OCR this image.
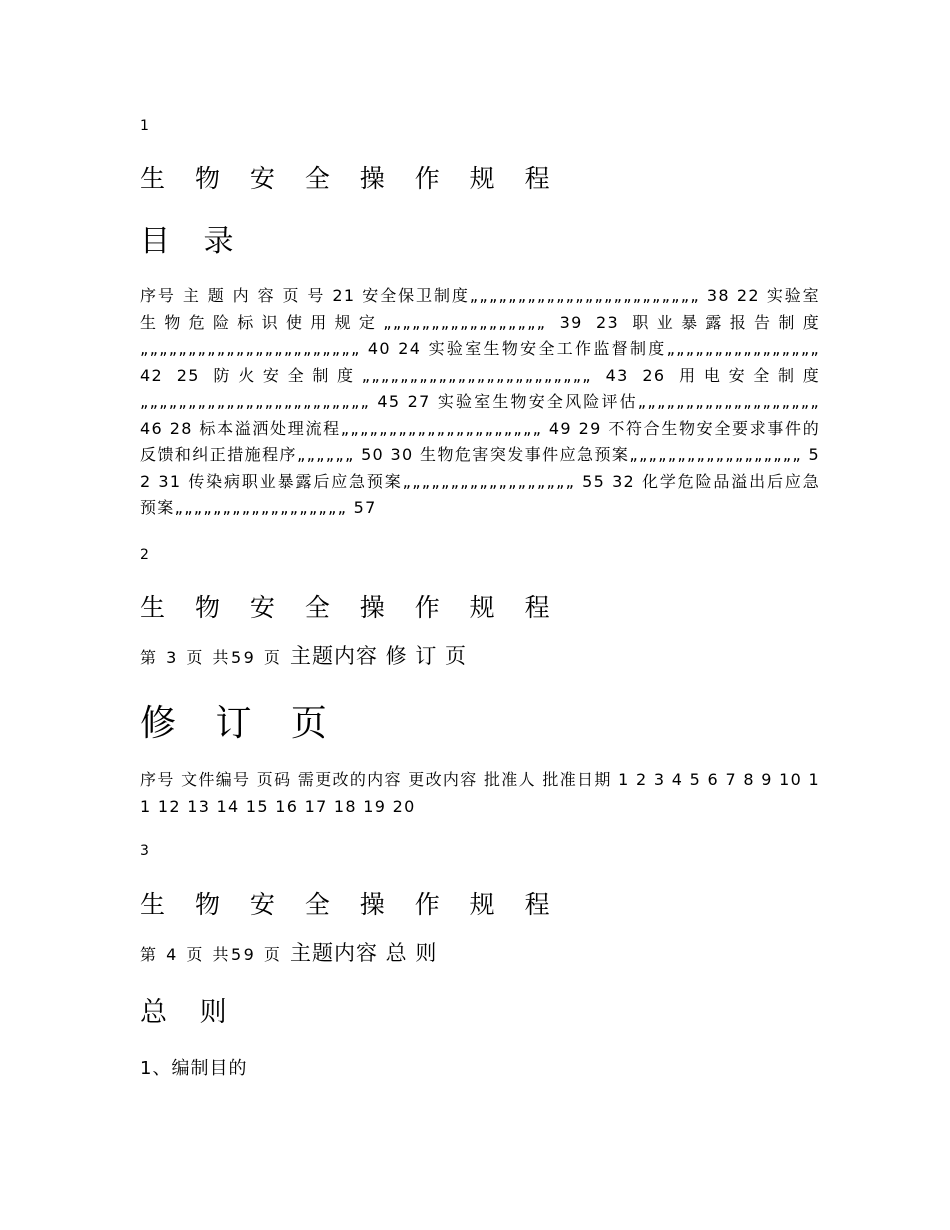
1
生 物 安 全 操 作 规 程
目 录
序号 主 题 内 容 页 号 21 安全保卫制度„„„„„„„„„„„„„„„„„„„„„„„„ 38 22 实验室生物危险标识使用规定„„„„„„„„„„„„„„„„„ 39 23 职业暴露报告制度„„„„„„„„„„„„„„„„„„„„„„„ 40 24 实验室生物安全工作监督制度„„„„„„„„„„„„„„„„ 42 25 防火安全制度„„„„„„„„„„„„„„„„„„„„„„„„ 43 26 用电安全制度„„„„„„„„„„„„„„„„„„„„„„„„ 45 27 实验室生物安全风险评估„„„„„„„„„„„„„„„„„„„ 46 28 标本溢洒处理流程„„„„„„„„„„„„„„„„„„„„„ 49 29 不符合生物安全要求事件的反馈和纠正措施程序„„„„„„ 50 30 生物危害突发事件应急预案„„„„„„„„„„„„„„„„„„ 52 31 传染病职业暴露后应急预案„„„„„„„„„„„„„„„„„„ 55 32 化学危险品溢出后应急预案„„„„„„„„„„„„„„„„„„ 57
2
生 物 安 全 操 作 规 程
第 3 页 共59 页 主题内容 修 订 页
修 订 页
序号 文件编号 页码 需更改的内容 更改内容 批准人 批准日期 1 2 3 4 5 6 7 8 9 10 11 12 13 14 15 16 17 18 19 20
3
生 物 安 全 操 作 规 程
第 4 页 共59 页 主题内容 总 则
总 则
1、编制目的
